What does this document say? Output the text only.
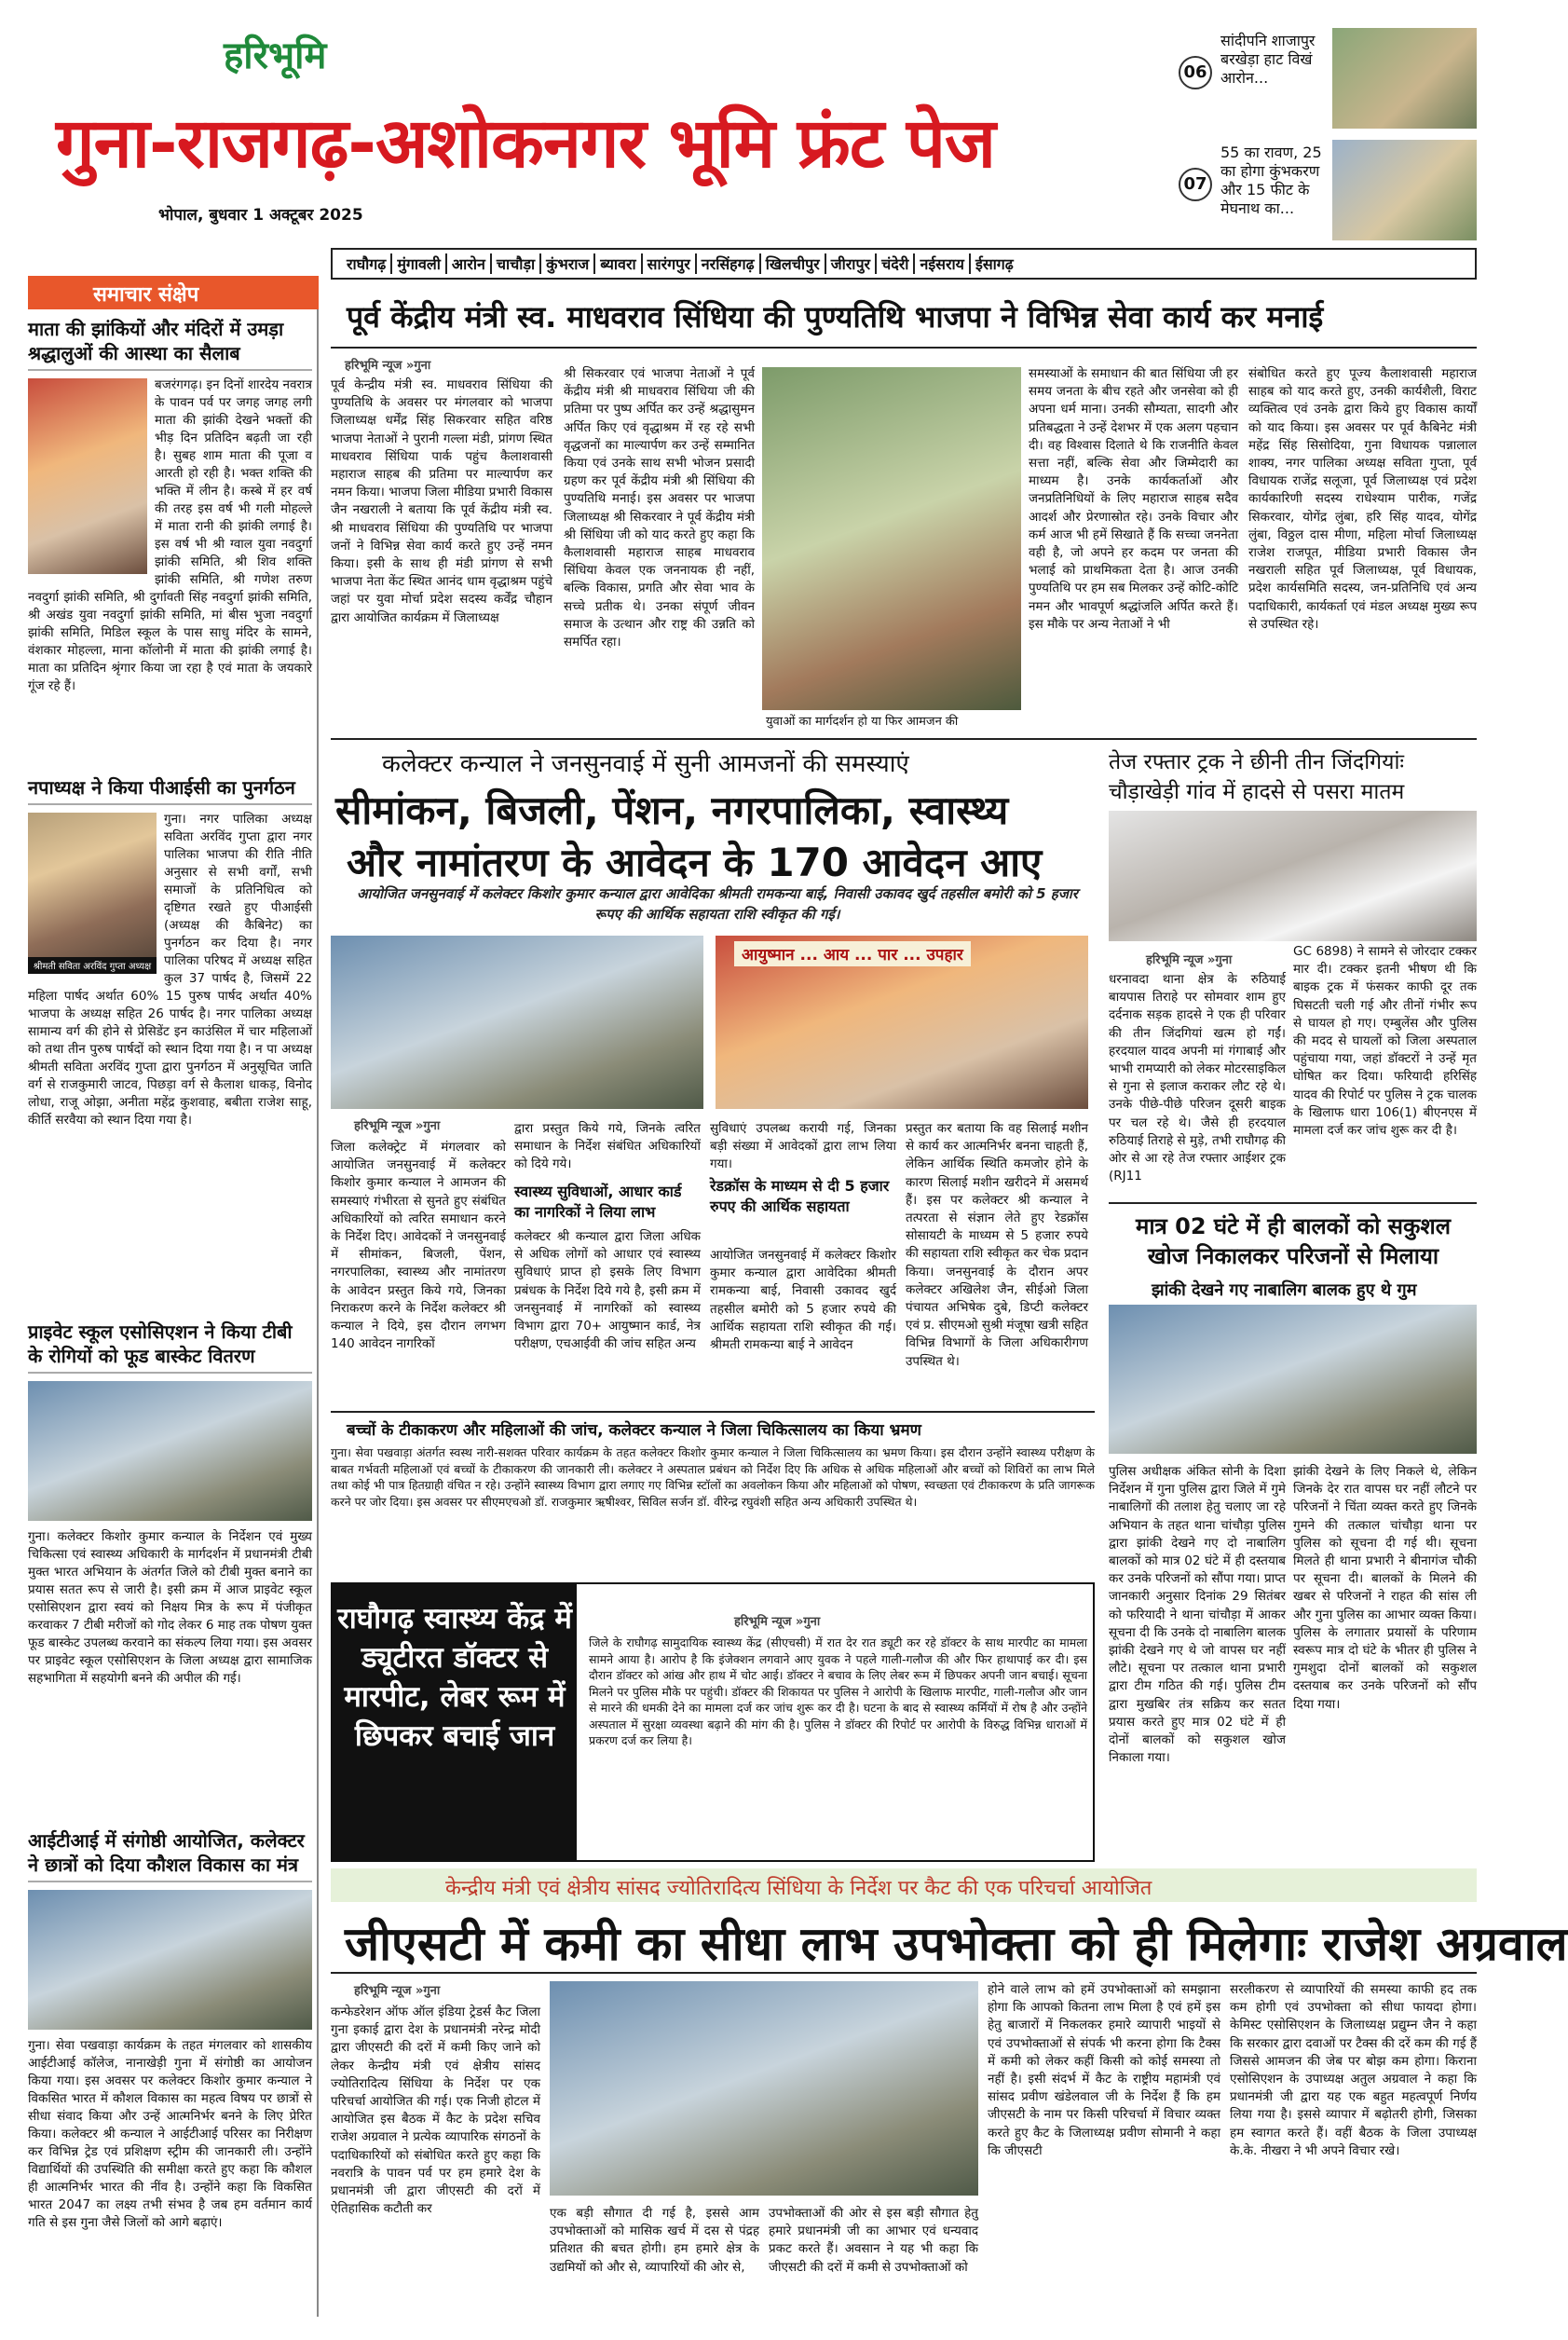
हरिभूमि
गुना-राजगढ़-अशोकनगर भूमि फ्रंट पेज
भोपाल, बुधवार 1 अक्टूबर 2025
06
सांदीपनि शाजापुर बरखेड़ा हाट विखं आरोन...
07
55 का रावण, 25 का होगा कुंभकरण और 15 फीट के मेघनाथ का...
राघौगढ़ मुंगावली आरोन चाचौड़ा कुंभराज ब्यावरा सारंगपुर नरसिंहगढ़ खिलचीपुर जीरापुर चंदेरी नईसराय ईसागढ़
समाचार संक्षेप
माता की झांकियों और मंदिरों में उमड़ा श्रद्धालुओं की आस्था का सैलाब
बजरंगगढ़। इन दिनों शारदेय नवरात्र के पावन पर्व पर जगह जगह लगी माता की झांकी देखने भक्तों की भीड़ दिन प्रतिदिन बढ़ती जा रही है। सुबह शाम माता की पूजा व आरती हो रही है। भक्त शक्ति की भक्ति में लीन है। कस्बे में हर वर्ष की तरह इस वर्ष भी गली मोहल्ले में माता रानी की झांकी लगाई है। इस वर्ष भी श्री ग्वाल युवा नवदुर्गा झांकी समिति, श्री शिव शक्ति झांकी समिति, श्री गणेश तरुण नवदुर्गा झांकी समिति, श्री दुर्गावती सिंह नवदुर्गा झांकी समिति, श्री अखंड युवा नवदुर्गा झांकी समिति, मां बीस भुजा नवदुर्गा झांकी समिति, मिडिल स्कूल के पास साधु मंदिर के सामने, वंशकार मोहल्ला, माना कॉलोनी में माता की झांकी लगाई है। माता का प्रतिदिन श्रृंगार किया जा रहा है एवं माता के जयकारे गूंज रहे हैं।
नपाध्यक्ष ने किया पीआईसी का पुनर्गठन
श्रीमती सविता अरविंद गुप्ता अध्यक्ष
गुना। नगर पालिका अध्यक्ष सविता अरविंद गुप्ता द्वारा नगर पालिका भाजपा की रीति नीति अनुसार से सभी वर्गों, सभी समाजों के प्रतिनिधित्व को दृष्टिगत रखते हुए पीआईसी (अध्यक्ष की कैबिनेट) का पुनर्गठन कर दिया है। नगर पालिका परिषद में अध्यक्ष सहित कुल 37 पार्षद है, जिसमें 22 महिला पार्षद अर्थात 60% 15 पुरुष पार्षद अर्थात 40% भाजपा के अध्यक्ष सहित 26 पार्षद है। नगर पालिका अध्यक्ष सामान्य वर्ग की होने से प्रेसिडेंट इन काउंसिल में चार महिलाओं को तथा तीन पुरुष पार्षदों को स्थान दिया गया है। न पा अध्यक्ष श्रीमती सविता अरविंद गुप्ता द्वारा पुनर्गठन में अनुसूचित जाति वर्ग से राजकुमारी जाटव, पिछड़ा वर्ग से कैलाश धाकड़, विनोद लोधा, राजू ओझा, अनीता महेंद्र कुशवाह, बबीता राजेश साहू, कीर्ति सरवैया को स्थान दिया गया है।
प्राइवेट स्कूल एसोसिएशन ने किया टीबी के रोगियों को फूड बास्केट वितरण
गुना। कलेक्टर किशोर कुमार कन्याल के निर्देशन एवं मुख्य चिकित्सा एवं स्वास्थ्य अधिकारी के मार्गदर्शन में प्रधानमंत्री टीबी मुक्त भारत अभियान के अंतर्गत जिले को टीबी मुक्त बनाने का प्रयास सतत रूप से जारी है। इसी क्रम में आज प्राइवेट स्कूल एसोसिएशन द्वारा स्वयं को निक्षय मित्र के रूप में पंजीकृत करवाकर 7 टीबी मरीजों को गोद लेकर 6 माह तक पोषण युक्त फूड बास्केट उपलब्ध करवाने का संकल्प लिया गया। इस अवसर पर प्राइवेट स्कूल एसोसिएशन के जिला अध्यक्ष द्वारा सामाजिक सहभागिता में सहयोगी बनने की अपील की गई।
आईटीआई में संगोष्ठी आयोजित, कलेक्टर ने छात्रों को दिया कौशल विकास का मंत्र
गुना। सेवा पखवाड़ा कार्यक्रम के तहत मंगलवार को शासकीय आईटीआई कॉलेज, नानाखेड़ी गुना में संगोष्ठी का आयोजन किया गया। इस अवसर पर कलेक्टर किशोर कुमार कन्याल ने विकसित भारत में कौशल विकास का महत्व विषय पर छात्रों से सीधा संवाद किया और उन्हें आत्मनिर्भर बनने के लिए प्रेरित किया। कलेक्टर श्री कन्याल ने आईटीआई परिसर का निरीक्षण कर विभिन्न ट्रेड एवं प्रशिक्षण स्ट्रीम की जानकारी ली। उन्होंने विद्यार्थियों की उपस्थिति की समीक्षा करते हुए कहा कि कौशल ही आत्मनिर्भर भारत की नींव है। उन्होंने कहा कि विकसित भारत 2047 का लक्ष्य तभी संभव है जब हम वर्तमान कार्य गति से इस गुना जैसे जिलों को आगे बढ़ाएं।
पूर्व केंद्रीय मंत्री स्व. माधवराव सिंधिया की पुण्यतिथि भाजपा ने विभिन्न सेवा कार्य कर मनाई
हरिभूमि न्यूज »गुना
पूर्व केन्द्रीय मंत्री स्व. माधवराव सिंधिया की पुण्यतिथि के अवसर पर मंगलवार को भाजपा जिलाध्यक्ष धर्मेंद्र सिंह सिकरवार सहित वरिष्ठ भाजपा नेताओं ने पुरानी गल्ला मंडी, प्रांगण स्थित माधवराव सिंधिया पार्क पहुंच कैलाशवासी महाराज साहब की प्रतिमा पर माल्यार्पण कर नमन किया। भाजपा जिला मीडिया प्रभारी विकास जैन नखराली ने बताया कि पूर्व केंद्रीय मंत्री स्व. श्री माधवराव सिंधिया की पुण्यतिथि पर भाजपा जनों ने विभिन्न सेवा कार्य करते हुए उन्हें नमन किया। इसी के साथ ही मंडी प्रांगण से सभी भाजपा नेता केंट स्थित आनंद धाम वृद्धाश्रम पहुंचे जहां पर युवा मोर्चा प्रदेश सदस्य कर्वेंद्र चौहान द्वारा आयोजित कार्यक्रम में जिलाध्यक्ष
श्री सिकरवार एवं भाजपा नेताओं ने पूर्व केंद्रीय मंत्री श्री माधवराव सिंधिया जी की प्रतिमा पर पुष्प अर्पित कर उन्हें श्रद्धासुमन अर्पित किए एवं वृद्धाश्रम में रह रहे सभी वृद्धजनों का माल्यार्पण कर उन्हें सम्मानित किया एवं उनके साथ सभी भोजन प्रसादी ग्रहण कर पूर्व केंद्रीय मंत्री श्री सिंधिया की पुण्यतिथि मनाई। इस अवसर पर भाजपा जिलाध्यक्ष श्री सिकरवार ने पूर्व केंद्रीय मंत्री श्री सिंधिया जी को याद करते हुए कहा कि कैलाशवासी महाराज साहब माधवराव सिंधिया केवल एक जननायक ही नहीं, बल्कि विकास, प्रगति और सेवा भाव के सच्चे प्रतीक थे। उनका संपूर्ण जीवन समाज के उत्थान और राष्ट्र की उन्नति को समर्पित रहा।
युवाओं का मार्गदर्शन हो या फिर आमजन की
समस्याओं के समाधान की बात सिंधिया जी हर समय जनता के बीच रहते और जनसेवा को ही अपना धर्म माना। उनकी सौम्यता, सादगी और प्रतिबद्धता ने उन्हें देशभर में एक अलग पहचान दी। वह विश्वास दिलाते थे कि राजनीति केवल सत्ता नहीं, बल्कि सेवा और जिम्मेदारी का माध्यम है। उनके कार्यकर्ताओं और जनप्रतिनिधियों के लिए महाराज साहब सदैव आदर्श और प्रेरणास्रोत रहे। उनके विचार और कर्म आज भी हमें सिखाते हैं कि सच्चा जननेता वही है, जो अपने हर कदम पर जनता की भलाई को प्राथमिकता देता है। आज उनकी पुण्यतिथि पर हम सब मिलकर उन्हें कोटि-कोटि नमन और भावपूर्ण श्रद्धांजलि अर्पित करते हैं। इस मौके पर अन्य नेताओं ने भी
संबोधित करते हुए पूज्य कैलाशवासी महाराज साहब को याद करते हुए, उनकी कार्यशैली, विराट व्यक्तित्व एवं उनके द्वारा किये हुए विकास कार्यों को याद किया। इस अवसर पर पूर्व कैबिनेट मंत्री महेंद्र सिंह सिसोदिया, गुना विधायक पन्नालाल शाक्य, नगर पालिका अध्यक्ष सविता गुप्ता, पूर्व विधायक राजेंद्र सलूजा, पूर्व जिलाध्यक्ष एवं प्रदेश कार्यकारिणी सदस्य राधेश्याम पारीक, गजेंद्र सिकरवार, योगेंद्र लुंबा, हरि सिंह यादव, योगेंद्र लुंबा, विठ्ठल दास मीणा, महिला मोर्चा जिलाध्यक्ष राजेश राजपूत, मीडिया प्रभारी विकास जैन नखराली सहित पूर्व जिलाध्यक्ष, पूर्व विधायक, प्रदेश कार्यसमिति सदस्य, जन-प्रतिनिधि एवं अन्य पदाधिकारी, कार्यकर्ता एवं मंडल अध्यक्ष मुख्य रूप से उपस्थित रहे।
कलेक्टर कन्याल ने जनसुनवाई में सुनी आमजनों की समस्याएं
सीमांकन, बिजली, पेंशन, नगरपालिका, स्वास्थ्य
और नामांतरण के आवेदन के 170 आवेदन आए
आयोजित जनसुनवाई में कलेक्टर किशोर कुमार कन्याल द्वारा आवेदिका श्रीमती रामकन्या बाई, निवासी उकावद खुर्द तहसील बमोरी को 5 हजार रूपए की आर्थिक सहायता राशि स्वीकृत की गई।
आयुष्मान ... आय ... पार ... उपहार
हरिभूमि न्यूज »गुना
जिला कलेक्ट्रेट में मंगलवार को आयोजित जनसुनवाई में कलेक्टर किशोर कुमार कन्याल ने आमजन की समस्याएं गंभीरता से सुनते हुए संबंधित अधिकारियों को त्वरित समाधान करने के निर्देश दिए। आवेदकों ने जनसुनवाई में सीमांकन, बिजली, पेंशन, नगरपालिका, स्वास्थ्य और नामांतरण के आवेदन प्रस्तुत किये गये, जिनका निराकरण करने के निर्देश कलेक्टर श्री कन्याल ने दिये, इस दौरान लगभग 140 आवेदन नागरिकों
द्वारा प्रस्तुत किये गये, जिनके त्वरित समाधान के निर्देश संबंधित अधिकारियों को दिये गये।
स्वास्थ्य सुविधाओं, आधार कार्ड का नागरिकों ने लिया लाभ
कलेक्टर श्री कन्याल द्वारा जिला अधिक से अधिक लोगों को आधार एवं स्वास्थ्य सुविधाएं प्राप्त हो इसके लिए विभाग प्रबंधक के निर्देश दिये गये है, इसी क्रम में जनसुनवाई में नागरिकों को स्वास्थ्य विभाग द्वारा 70+ आयुष्मान कार्ड, नेत्र परीक्षण, एचआईवी की जांच सहित अन्य
सुविधाएं उपलब्ध करायी गई, जिनका बड़ी संख्या में आवेदकों द्वारा लाभ लिया गया।
रेडक्रॉस के माध्यम से दी 5 हजार रुपए की आर्थिक सहायता
आयोजित जनसुनवाई में कलेक्टर किशोर कुमार कन्याल द्वारा आवेदिका श्रीमती रामकन्या बाई, निवासी उकावद खुर्द तहसील बमोरी को 5 हजार रुपये की आर्थिक सहायता राशि स्वीकृत की गई। श्रीमती रामकन्या बाई ने आवेदन
प्रस्तुत कर बताया कि वह सिलाई मशीन से कार्य कर आत्मनिर्भर बनना चाहती हैं, लेकिन आर्थिक स्थिति कमजोर होने के कारण सिलाई मशीन खरीदने में असमर्थ हैं। इस पर कलेक्टर श्री कन्याल ने तत्परता से संज्ञान लेते हुए रेडक्रॉस सोसायटी के माध्यम से 5 हजार रुपये की सहायता राशि स्वीकृत कर चेक प्रदान किया। जनसुनवाई के दौरान अपर कलेक्टर अखिलेश जैन, सीईओ जिला पंचायत अभिषेक दुबे, डिप्टी कलेक्टर एवं प्र. सीएमओ सुश्री मंजूषा खत्री सहित विभिन्न विभागों के जिला अधिकारीगण उपस्थित थे।
तेज रफ्तार ट्रक ने छीनी तीन जिंदगियांः
चौड़ाखेड़ी गांव में हादसे से पसरा मातम
हरिभूमि न्यूज »गुना
धरनावदा थाना क्षेत्र के रुठियाई बायपास तिराहे पर सोमवार शाम हुए दर्दनाक सड़क हादसे ने एक ही परिवार की तीन जिंदगियां खत्म हो गईं। हरदयाल यादव अपनी मां गंगाबाई और भाभी रामप्यारी को लेकर मोटरसाइकिल से गुना से इलाज कराकर लौट रहे थे। उनके पीछे-पीछे परिजन दूसरी बाइक पर चल रहे थे। जैसे ही हरदयाल रुठियाई तिराहे से मुड़े, तभी राघौगढ़ की ओर से आ रहे तेज रफ्तार आईशर ट्रक (RJ11
GC 6898) ने सामने से जोरदार टक्कर मार दी। टक्कर इतनी भीषण थी कि बाइक ट्रक में फंसकर काफी दूर तक घिसटती चली गई और तीनों गंभीर रूप से घायल हो गए। एम्बुलेंस और पुलिस की मदद से घायलों को जिला अस्पताल पहुंचाया गया, जहां डॉक्टरों ने उन्हें मृत घोषित कर दिया। फरियादी हरिसिंह यादव की रिपोर्ट पर पुलिस ने ट्रक चालक के खिलाफ धारा 106(1) बीएनएस में मामला दर्ज कर जांच शुरू कर दी है।
मात्र 02 घंटे में ही बालकों को सकुशल खोज निकालकर परिजनों से मिलाया
झांकी देखने गए नाबालिग बालक हुए थे गुम
पुलिस अधीक्षक अंकित सोनी के दिशा निर्देशन में गुना पुलिस द्वारा जिले में गुमे नाबालिगों की तलाश हेतु चलाए जा रहे अभियान के तहत थाना चांचौड़ा पुलिस द्वारा झांकी देखने गए दो नाबालिग बालकों को मात्र 02 घंटे में ही दस्तयाब कर उनके परिजनों को सौंपा गया। प्राप्त जानकारी अनुसार दिनांक 29 सितंबर को फरियादी ने थाना चांचौड़ा में आकर सूचना दी कि उनके दो नाबालिग बालक झांकी देखने गए थे जो वापस घर नहीं लौटे। सूचना पर तत्काल थाना प्रभारी द्वारा टीम गठित की गई। पुलिस टीम द्वारा मुखबिर तंत्र सक्रिय कर सतत प्रयास करते हुए मात्र 02 घंटे में ही दोनों बालकों को सकुशल खोज निकाला गया।
झांकी देखने के लिए निकले थे, लेकिन जिनके देर रात वापस घर नहीं लौटने पर परिजनों ने चिंता व्यक्त करते हुए जिनके गुमने की तत्काल चांचौड़ा थाना पर पुलिस को सूचना दी गई थी। सूचना मिलते ही थाना प्रभारी ने बीनागंज चौकी पर सूचना दी। बालकों के मिलने की खबर से परिजनों ने राहत की सांस ली और गुना पुलिस का आभार व्यक्त किया। पुलिस के लगातार प्रयासों के परिणाम स्वरूप मात्र दो घंटे के भीतर ही पुलिस ने गुमशुदा दोनों बालकों को सकुशल दस्तयाब कर उनके परिजनों को सौंप दिया गया।
बच्चों के टीकाकरण और महिलाओं की जांच, कलेक्टर कन्याल ने जिला चिकित्सालय का किया भ्रमण
गुना। सेवा पखवाड़ा अंतर्गत स्वस्थ नारी-सशक्त परिवार कार्यक्रम के तहत कलेक्टर किशोर कुमार कन्याल ने जिला चिकित्सालय का भ्रमण किया। इस दौरान उन्होंने स्वास्थ्य परीक्षण के बाबत गर्भवती महिलाओं एवं बच्चों के टीकाकरण की जानकारी ली। कलेक्टर ने अस्पताल प्रबंधन को निर्देश दिए कि अधिक से अधिक महिलाओं और बच्चों को शिविरों का लाभ मिले तथा कोई भी पात्र हितग्राही वंचित न रहे। उन्होंने स्वास्थ्य विभाग द्वारा लगाए गए विभिन्न स्टॉलों का अवलोकन किया और महिलाओं को पोषण, स्वच्छता एवं टीकाकरण के प्रति जागरूक करने पर जोर दिया। इस अवसर पर सीएमएचओ डॉ. राजकुमार ऋषीश्वर, सिविल सर्जन डॉ. वीरेन्द्र रघुवंशी सहित अन्य अधिकारी उपस्थित थे।
राघौगढ़ स्वास्थ्य केंद्र में ड्यूटीरत डॉक्टर से मारपीट, लेबर रूम में छिपकर बचाई जान
हरिभूमि न्यूज »गुना
जिले के राघौगढ़ सामुदायिक स्वास्थ्य केंद्र (सीएचसी) में रात देर रात ड्यूटी कर रहे डॉक्टर के साथ मारपीट का मामला सामने आया है। आरोप है कि इंजेक्शन लगवाने आए युवक ने पहले गाली-गलौज की और फिर हाथापाई कर दी। इस दौरान डॉक्टर को आंख और हाथ में चोट आई। डॉक्टर ने बचाव के लिए लेबर रूम में छिपकर अपनी जान बचाई। सूचना मिलने पर पुलिस मौके पर पहुंची। डॉक्टर की शिकायत पर पुलिस ने आरोपी के खिलाफ मारपीट, गाली-गलौज और जान से मारने की धमकी देने का मामला दर्ज कर जांच शुरू कर दी है। घटना के बाद से स्वास्थ्य कर्मियों में रोष है और उन्होंने अस्पताल में सुरक्षा व्यवस्था बढ़ाने की मांग की है। पुलिस ने डॉक्टर की रिपोर्ट पर आरोपी के विरुद्ध विभिन्न धाराओं में प्रकरण दर्ज कर लिया है।
केन्द्रीय मंत्री एवं क्षेत्रीय सांसद ज्योतिरादित्य सिंधिया के निर्देश पर कैट की एक परिचर्चा आयोजित
जीएसटी में कमी का सीधा लाभ उपभोक्ता को ही मिलेगाः राजेश अग्रवाल
हरिभूमि न्यूज »गुना
कन्फेडरेशन ऑफ ऑल इंडिया ट्रेडर्स कैट जिला गुना इकाई द्वारा देश के प्रधानमंत्री नरेन्द्र मोदी द्वारा जीएसटी की दरों में कमी किए जाने को लेकर केन्द्रीय मंत्री एवं क्षेत्रीय सांसद ज्योतिरादित्य सिंधिया के निर्देश पर एक परिचर्चा आयोजित की गई। एक निजी होटल में आयोजित इस बैठक में कैट के प्रदेश सचिव राजेश अग्रवाल ने प्रत्येक व्यापारिक संगठनों के पदाधिकारियों को संबोधित करते हुए कहा कि नवरात्रि के पावन पर्व पर हम हमारे देश के प्रधानमंत्री जी द्वारा जीएसटी की दरों में ऐतिहासिक कटौती कर	एक बड़ी सौगात दी गई है, इससे आम उपभोक्ताओं को मासिक खर्च में दस से पंद्रह प्रतिशत की बचत होगी। हम हमारे क्षेत्र के उद्यमियों को और से, व्यापारियों की ओर से,
उपभोक्ताओं की ओर से इस बड़ी सौगात हेतु हमारे प्रधानमंत्री जी का आभार एवं धन्यवाद प्रकट करते हैं। अवसान ने यह भी कहा कि जीएसटी की दरों में कमी से उपभोक्ताओं को
होने वाले लाभ को हमें उपभोक्ताओं को समझाना होगा कि आपको कितना लाभ मिला है एवं हमें इस हेतु बाजारों में निकलकर हमारे व्यापारी भाइयों से एवं उपभोक्ताओं से संपर्क भी करना होगा कि टैक्स में कमी को लेकर कहीं किसी को कोई समस्या तो नहीं है। इसी संदर्भ में कैट के राष्ट्रीय महामंत्री एवं सांसद प्रवीण खंडेलवाल जी के निर्देश हैं कि हम जीएसटी के नाम पर किसी परिचर्चा में विचार व्यक्त करते हुए कैट के जिलाध्यक्ष प्रवीण सोमानी ने कहा कि जीएसटी
सरलीकरण से व्यापारियों की समस्या काफी हद तक कम होगी एवं उपभोक्ता को सीधा फायदा होगा। केमिस्ट एसोसिएशन के जिलाध्यक्ष प्रद्युम्न जैन ने कहा कि सरकार द्वारा दवाओं पर टैक्स की दरें कम की गई हैं जिससे आमजन की जेब पर बोझ कम होगा। किराना एसोसिएशन के उपाध्यक्ष अतुल अग्रवाल ने कहा कि प्रधानमंत्री जी द्वारा यह एक बहुत महत्वपूर्ण निर्णय लिया गया है। इससे व्यापार में बढ़ोतरी होगी, जिसका हम स्वागत करते हैं। वहीं बैठक के जिला उपाध्यक्ष के.के. नीखरा ने भी अपने विचार रखे।
